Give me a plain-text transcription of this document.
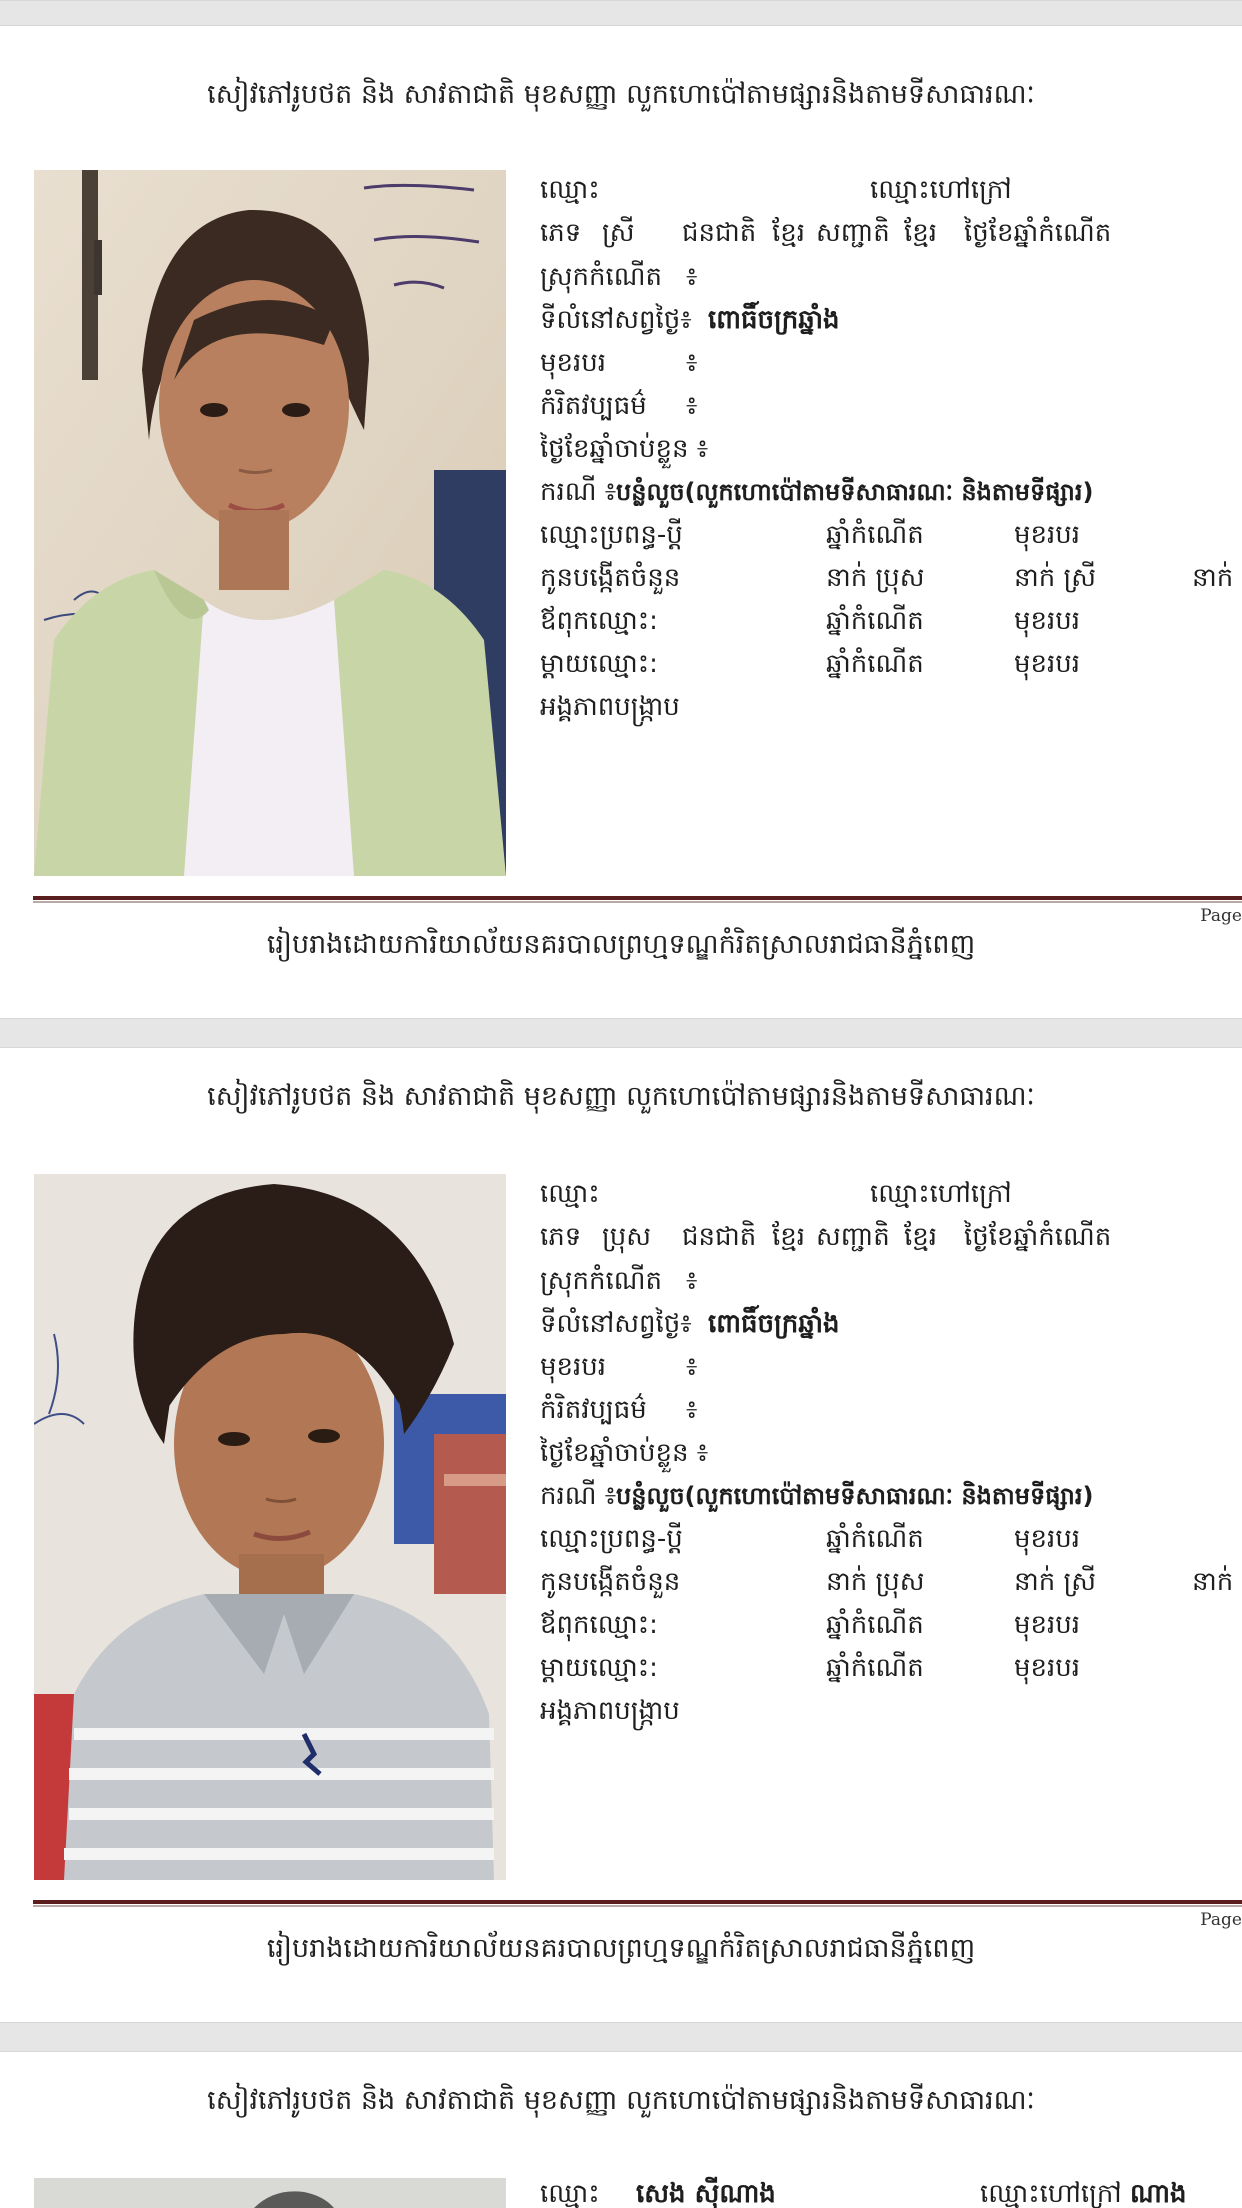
សៀវភៅរូបថត និង សាវតាជាតិ មុខសញ្ញា លួកហោប៉ៅតាមផ្សារនិងតាមទីសាធារណៈ
ឈ្មោះ	ឈ្មោះហៅក្រៅ
ភេទ ស្រី ជនជាតិ ខ្មែរ សញ្ជាតិ ខ្មែរ ថ្ងៃខែឆ្នាំកំណើត
ស្រុកកំណើត ៖
ទីលំនៅសព្វថ្ងៃ៖ ពោធិ៍ចក្រឆ្នាំង
មុខរបរ	៖
កំរិតវប្បធម៌ ៖
ថ្ងៃខែឆ្នាំចាប់ខ្លួន ៖
ករណី ៖ បន្លំលួច(លួកហោប៉ៅតាមទីសាធារណៈ និងតាមទីផ្សារ)
ឈ្មោះប្រពន្ធ-ប្តី	ឆ្នាំកំណើត	មុខរបរ
កូនបង្កើតចំនួន	នាក់ ប្រុស	នាក់ ស្រី	នាក់
ឪពុកឈ្មោះ:	ឆ្នាំកំណើត	មុខរបរ
ម្តាយឈ្មោះ:	ឆ្នាំកំណើត	មុខរបរ
អង្គភាពបង្រ្កាប
Page
រៀបរាងដោយការិយាល័យនគរបាលព្រហ្មទណ្ឌកំរិតស្រាលរាជធានីភ្នំពេញ
សៀវភៅរូបថត និង សាវតាជាតិ មុខសញ្ញា លួកហោប៉ៅតាមផ្សារនិងតាមទីសាធារណៈ
ឈ្មោះ	ឈ្មោះហៅក្រៅ
ភេទ ប្រុស ជនជាតិ ខ្មែរ សញ្ជាតិ ខ្មែរ ថ្ងៃខែឆ្នាំកំណើត
ស្រុកកំណើត ៖
ទីលំនៅសព្វថ្ងៃ៖ ពោធិ៍ចក្រឆ្នាំង
មុខរបរ	៖
កំរិតវប្បធម៌ ៖
ថ្ងៃខែឆ្នាំចាប់ខ្លួន ៖
ករណី ៖ បន្លំលួច(លួកហោប៉ៅតាមទីសាធារណៈ និងតាមទីផ្សារ)
ឈ្មោះប្រពន្ធ-ប្តី	ឆ្នាំកំណើត	មុខរបរ
កូនបង្កើតចំនួន	នាក់ ប្រុស	នាក់ ស្រី	នាក់
ឪពុកឈ្មោះ:	ឆ្នាំកំណើត	មុខរបរ
ម្តាយឈ្មោះ:	ឆ្នាំកំណើត	មុខរបរ
អង្គភាពបង្រ្កាប
Page
រៀបរាងដោយការិយាល័យនគរបាលព្រហ្មទណ្ឌកំរិតស្រាលរាជធានីភ្នំពេញ
សៀវភៅរូបថត និង សាវតាជាតិ មុខសញ្ញា លួកហោប៉ៅតាមផ្សារនិងតាមទីសាធារណៈ
ឈ្មោះ សេង ស៊ីណាង	ឈ្មោះហៅក្រៅ ណាង
